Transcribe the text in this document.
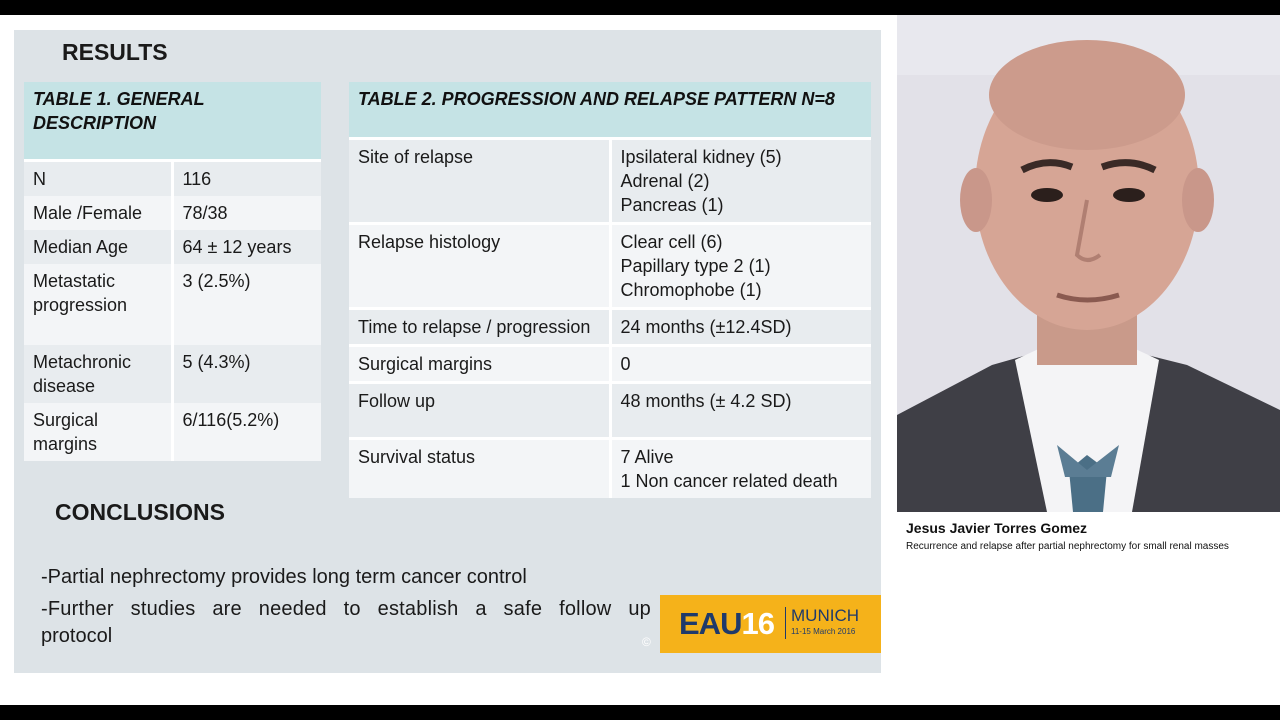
RESULTS
TABLE 1. GENERAL DESCRIPTION	
N	116
Male /Female	78/38
Median Age	64 ± 12 years
Metastatic progression	3 (2.5%)
Metachronic disease	5 (4.3%)
Surgical margins	6/116(5.2%)
TABLE 2. PROGRESSION AND RELAPSE PATTERN N=8	
Site of relapse	Ipsilateral kidney (5)
Adrenal (2)
Pancreas (1)

Relapse histology	Clear cell (6)
Papillary type 2 (1)
Chromophobe (1)

Time to relapse / progression	24 months (±12.4SD)

Surgical margins	0

Follow up	48 months (± 4.2 SD)

Survival status	7 Alive
1 Non cancer related death
CONCLUSIONS
-Partial nephrectomy provides long term cancer control
-Further studies are needed to establish a safe follow up
protocol	©
EAU16 MUNICH
11-15 March 2016
Jesus Javier Torres Gomez
Recurrence and relapse after partial nephrectomy for small renal masses
